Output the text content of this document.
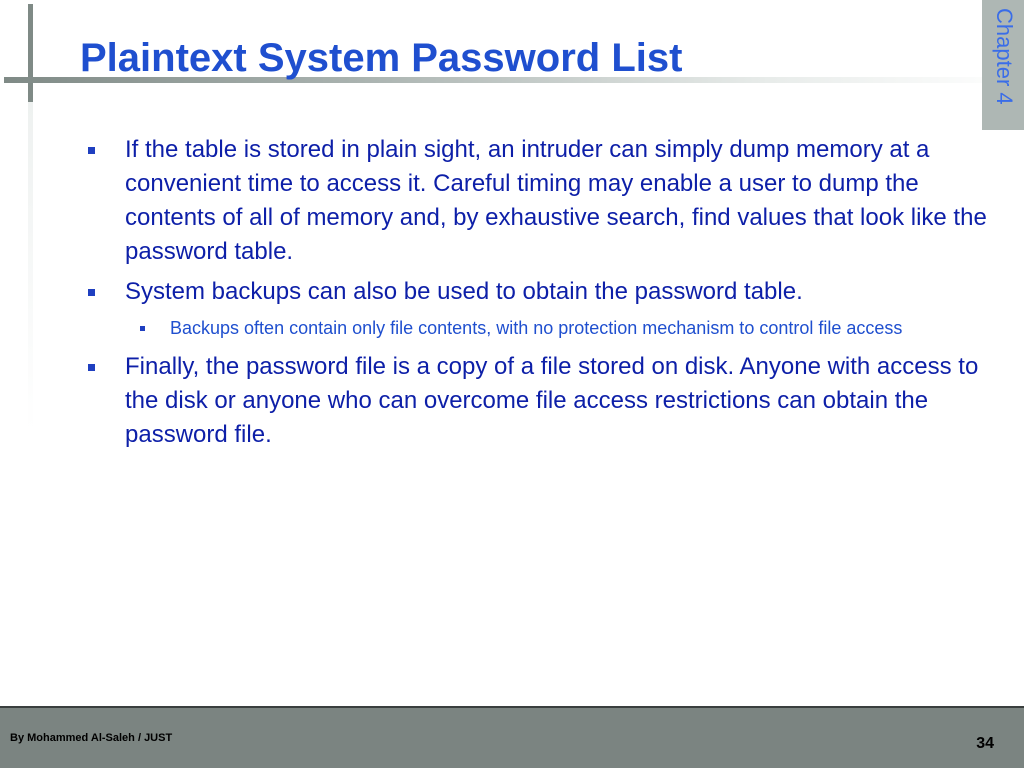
Plaintext System Password List	Chapter 4
If the table is stored in plain sight, an intruder can simply dump memory at a convenient time to access it. Careful timing may enable a user to dump the contents of all of memory and, by exhaustive search, find values that look like the password table.
System backups can also be used to obtain the password table.
Backups often contain only file contents, with no protection mechanism to control file access
Finally, the password file is a copy of a file stored on disk. Anyone with access to the disk or anyone who can overcome file access restrictions can obtain the password file.
By Mohammed Al-Saleh / JUST	34
